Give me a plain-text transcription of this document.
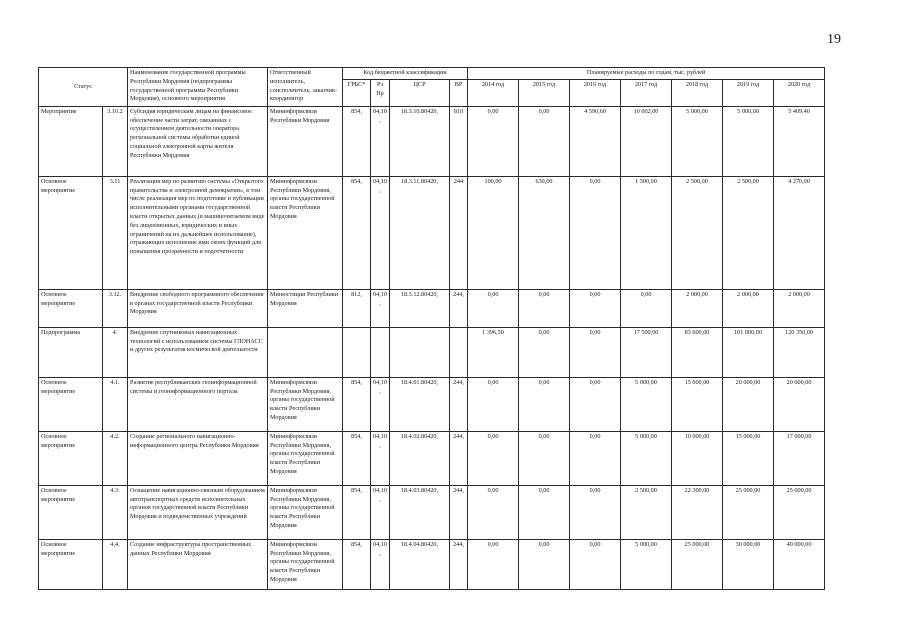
19
Статус		Наименование государственной программы Республики Мордовия (подпрограммы государственной программы Республики Мордовия), основного мероприятия	Ответственный исполнитель, соисполнитель, заказчик-координатор	Код бюджетной классификации				Планируемые расходы по годам, тыс. рублей						
				ГРБС*	Рз Пр	ЦСР	ВР	2014 год	2015 год	2016 год	2017 год	2018 год	2019 год	2020 год
Мероприятие	3.10.2	Субсидия юридическим лицам на финансовое обеспечение части затрат, связанных с осуществлением деятельности оператора региональной системы обработки единой социальной электронной карты жителя Республики Мордовия	Мининформсвязи Республики Мордовия	854,	04,10,	18.3.10.80420,	810	0,00	0,00	4 590,60	10 002,00	5 000,00	5 000,00	5 409,40
Основное мероприятие	3.11	Реализация мер по развитию системы «Открытого правительства и электронной демократии», в том числе реализация мер по подготовке и публикации исполнительными органами государственной власти открытых данных (в машиночитаемом виде без лицензионных, юридических и иных ограничений на их дальнейшее использование), отражающих исполнение ими своих функций для повышения прозрачности и подотчетности	Мининформсвязи Республики Мордовия, органы государственной власти Республики Мордовия	854,	04,10,	18.3.11.80420,	244	100,00	630,00	0,00	1 500,00	2 500,00	2 500,00	4 270,00
Основное мероприятие	3.12.	Внедрение свободного программного обеспечения в органах государственной власти Республики Мордовия	Минюстиции Республики Мордовия	812,	04,10,	18.3.12.80420,	244,	0,00	0,00	0,00	0,00	2 000,00	2 000,00	2 000,00
Подпрограмма	4.	Внедрение спутниковых навигационных технологий с использованием системы ГЛОНАСС и других результатов космической деятельности						1 396,50	0,00	0,00	17 500,00	83 600,00	101 000,00	120 350,00
Основное мероприятие	4.1.	Развитие республиканских геоинформационной системы и геоинформационного портала	Мининформсвязи Республики Мордовия, органы государственной власти Республики Мордовия	854,	04,10,	18.4.01.80420,	244,	0,00	0,00	0,00	5 000,00	15 000,00	20 000,00	20 000,00
Основное мероприятие	4.2.	Создание регионального навигационно-информационного центра Республики Мордовия	Мининформсвязи Республики Мордовия, органы государственной власти Республики Мордовия	854,	04,10,	18.4.02.80420,	244,	0,00	0,00	0,00	5 000,00	10 000,00	15 000,00	17 000,00
Основное мероприятие	4.3.	Оснащение навигационно-связным оборудованием автотранспортных средств исполнительных органов государственной власти Республики Мордовия и подведомственных учреждений	Мининформсвязи Республики Мордовия, органы государственной власти Республики Мордовия	854,	04,10,	18.4.03.80420,	244,	0,00	0,00	0,00	2 500,00	22 300,00	25 000,00	25 000,00
Основное мероприятие	4.4.	Создание инфраструктуры пространственных данных Республики Мордовия	Мининформсвязи Республики Мордовия, органы государственной власти Республики Мордовия	854,	04,10,	18.4.04.80420,	244,	0,00	0,00	0,00	5 000,00	25 000,00	30 000,00	40 000,00
